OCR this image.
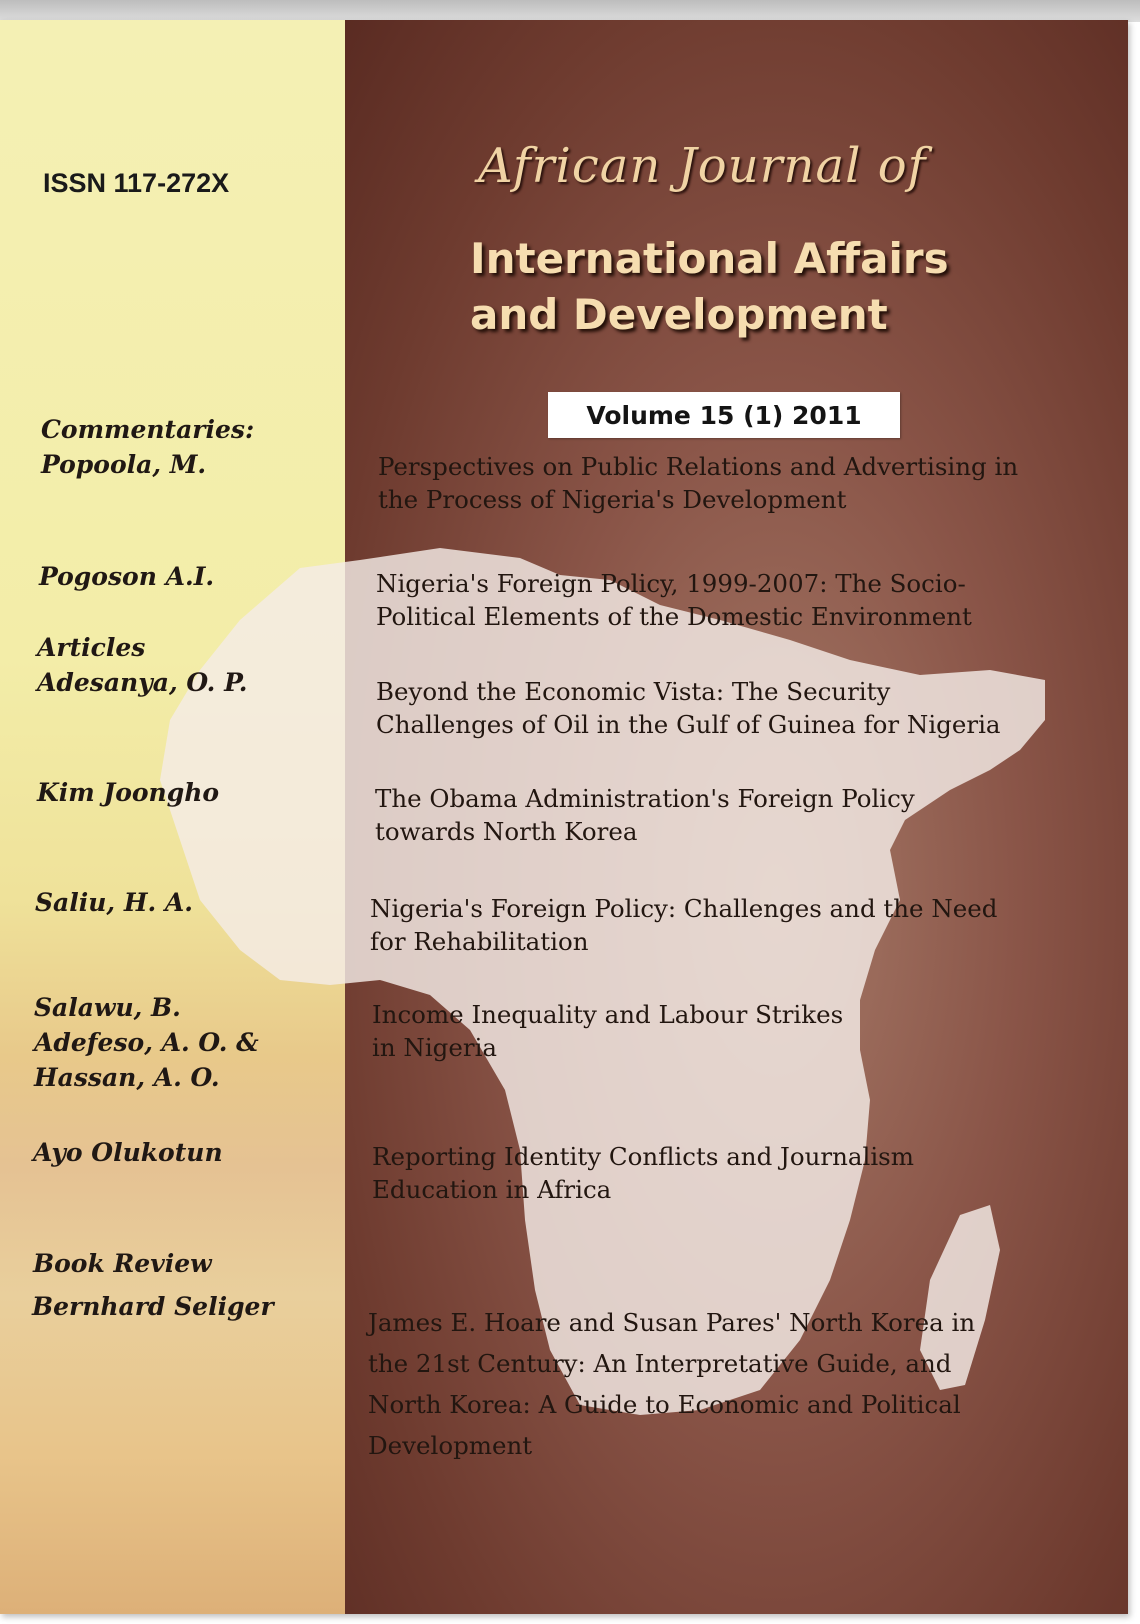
ISSN 117-272X	African Journal of

International Affairs

and Development

Volume 15 (1) 2011

Commentaries:

Popoola, M.

Pogoson A.I.

Articles

Adesanya, O. P.

Kim Joongho

Saliu, H. A.

Salawu, B.

Adefeso, A. O. &

Hassan, A. O.

Ayo Olukotun

Book Review

Bernhard Seliger

Perspectives on Public Relations and Advertising in
the Process of Nigeria's Development
Nigeria's Foreign Policy, 1999-2007: The Socio-
Political Elements of the Domestic Environment
Beyond the Economic Vista: The Security
Challenges of Oil in the Gulf of Guinea for Nigeria
The Obama Administration's Foreign Policy
towards North Korea
Nigeria's Foreign Policy: Challenges and the Need
for Rehabilitation
Income Inequality and Labour Strikes
in Nigeria
Reporting Identity Conflicts and Journalism
Education in Africa
James E. Hoare and Susan Pares' North Korea in
the 21st Century: An Interpretative Guide, and
North Korea: A Guide to Economic and Political
Development
